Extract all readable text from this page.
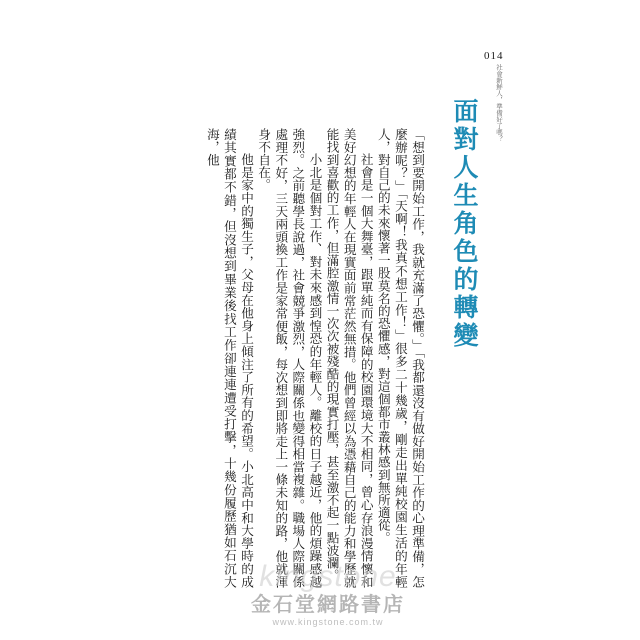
014
社會新鮮人，準備好了嗎？
面對人生角色的轉變

「想到要開始工作，我就充滿了恐懼。」「我都還沒有做好開始工作的心理準備，怎麼辦呢？」「天啊！我真不想工作！」很多二十幾歲，剛走出單純校園生活的年輕人，對自己的未來懷著一股莫名的恐懼感，對這個都市叢林感到無所適從。

社會是一個大舞臺，跟單純而有保障的校園環境大不相同，曾心存浪漫情懷和美好幻想的年輕人在現實面前常茫然無措。他們曾經以為憑藉自己的能力和學歷就能找到喜歡的工作，但滿腔激情一次次被殘酷的現實打壓，甚至激不起一點波瀾。

小北是個對工作、對未來感到惶恐的年輕人。離校的日子越近，他的煩躁感越強烈。之前聽學長說過，社會競爭激烈，人際關係也變得相當複雜。職場人際關係處理不好，三天兩頭換工作是家常便飯，每次想到即將走上一條未知的路，他就渾身不自在。

他是家中的獨生子，父母在他身上傾注了所有的希望。小北高中和大學時的成績其實都不錯，但沒想到畢業後找工作卻連連遭受打擊，十幾份履歷猶如石沉大海，他

kingstone
金石堂網路書店
www.kingstone.com.tw
